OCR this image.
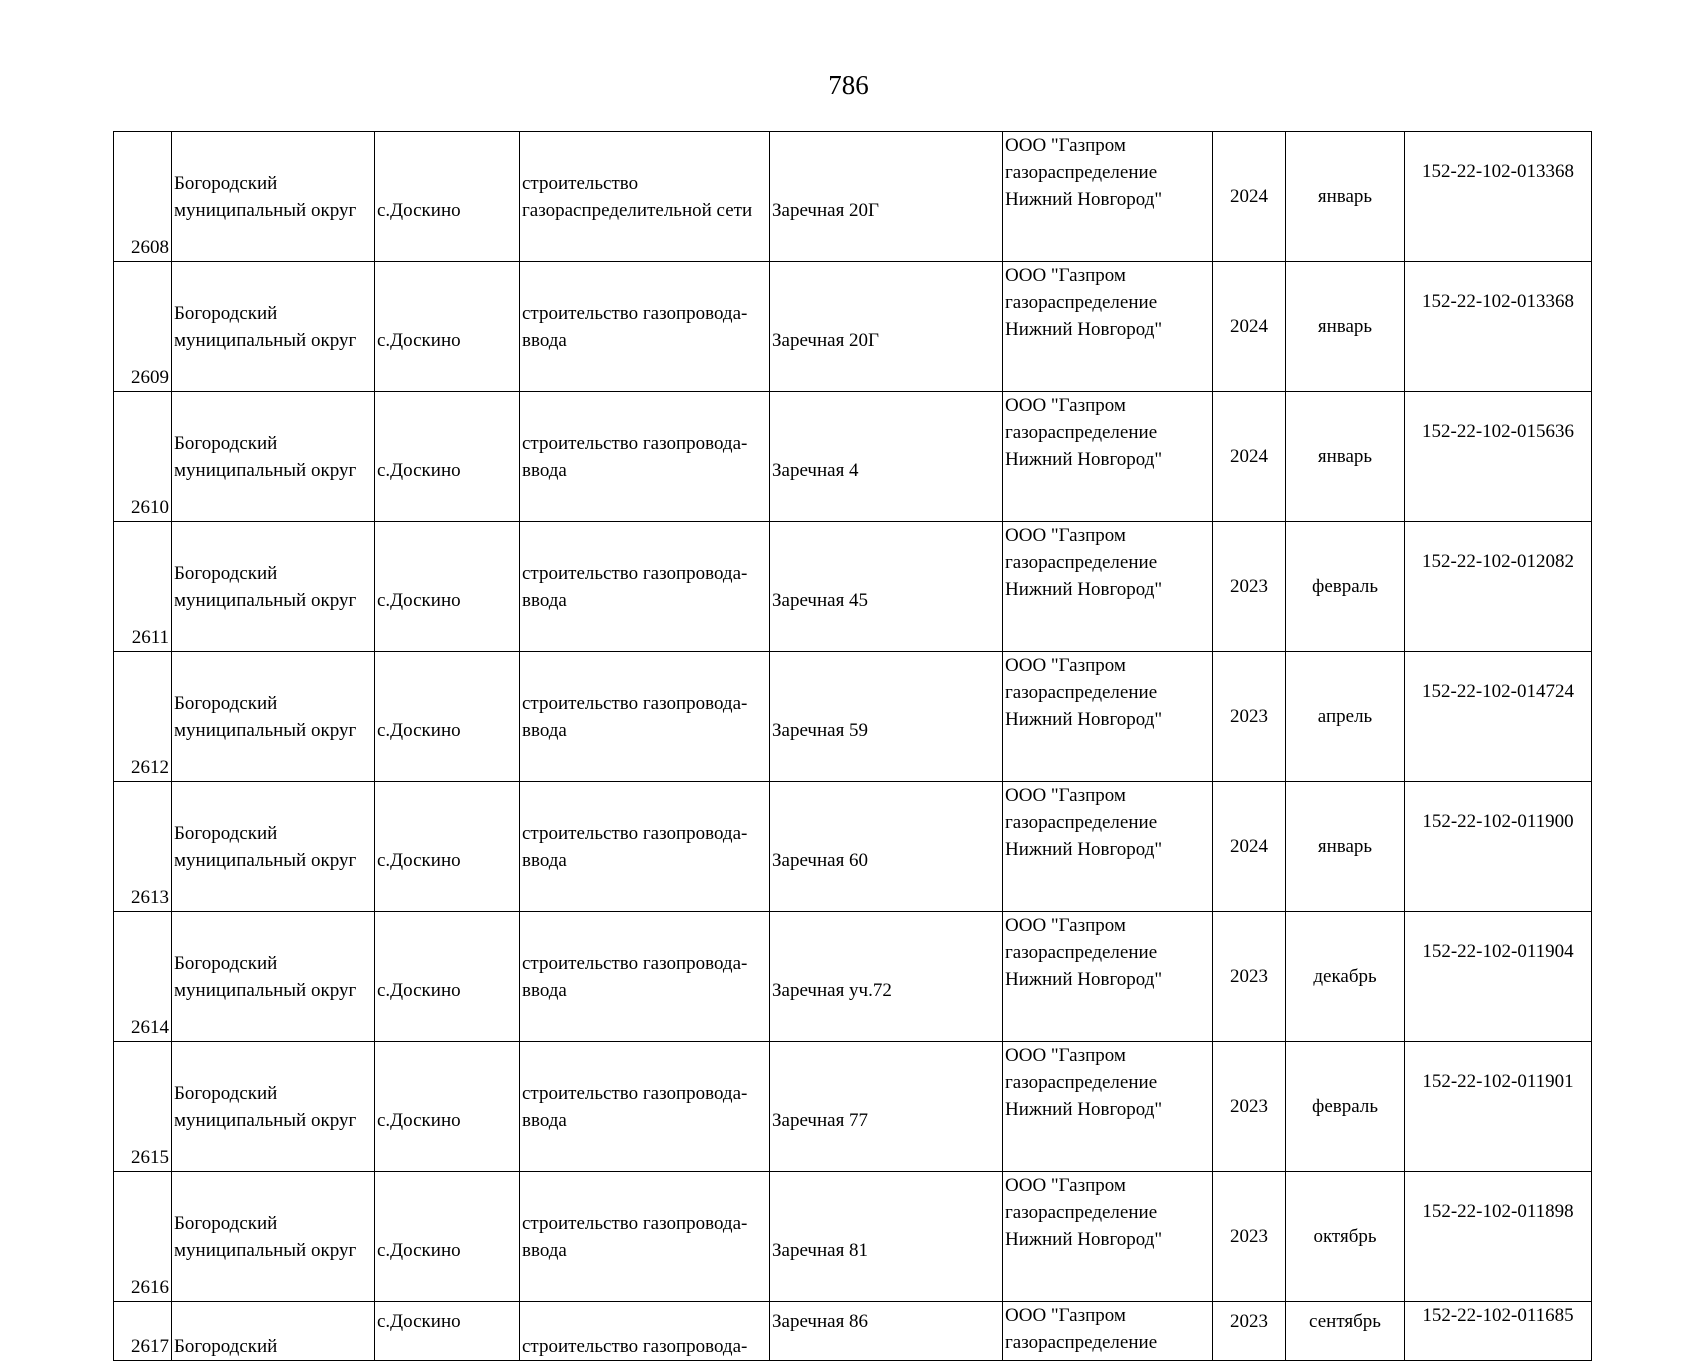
786
2608	Богородский
муниципальный округ	с.Доскино	строительство
газораспределительной сети	Заречная 20Г	ООО "Газпром
газораспределение
Нижний Новгород"	2024	январь	152-22-102-013368
2609	Богородский
муниципальный округ	с.Доскино	строительство газопровода-
ввода	Заречная 20Г	ООО "Газпром
газораспределение
Нижний Новгород"	2024	январь	152-22-102-013368
2610	Богородский
муниципальный округ	с.Доскино	строительство газопровода-
ввода	Заречная 4	ООО "Газпром
газораспределение
Нижний Новгород"	2024	январь	152-22-102-015636
2611	Богородский
муниципальный округ	с.Доскино	строительство газопровода-
ввода	Заречная 45	ООО "Газпром
газораспределение
Нижний Новгород"	2023	февраль	152-22-102-012082
2612	Богородский
муниципальный округ	с.Доскино	строительство газопровода-
ввода	Заречная 59	ООО "Газпром
газораспределение
Нижний Новгород"	2023	апрель	152-22-102-014724
2613	Богородский
муниципальный округ	с.Доскино	строительство газопровода-
ввода	Заречная 60	ООО "Газпром
газораспределение
Нижний Новгород"	2024	январь	152-22-102-011900
2614	Богородский
муниципальный округ	с.Доскино	строительство газопровода-
ввода	Заречная уч.72	ООО "Газпром
газораспределение
Нижний Новгород"	2023	декабрь	152-22-102-011904
2615	Богородский
муниципальный округ	с.Доскино	строительство газопровода-
ввода	Заречная 77	ООО "Газпром
газораспределение
Нижний Новгород"	2023	февраль	152-22-102-011901
2616	Богородский
муниципальный округ	с.Доскино	строительство газопровода-
ввода	Заречная 81	ООО "Газпром
газораспределение
Нижний Новгород"	2023	октябрь	152-22-102-011898
2617	Богородский	с.Доскино	строительство газопровода-	Заречная 86	ООО "Газпром
газораспределение	2023	сентябрь	152-22-102-011685
